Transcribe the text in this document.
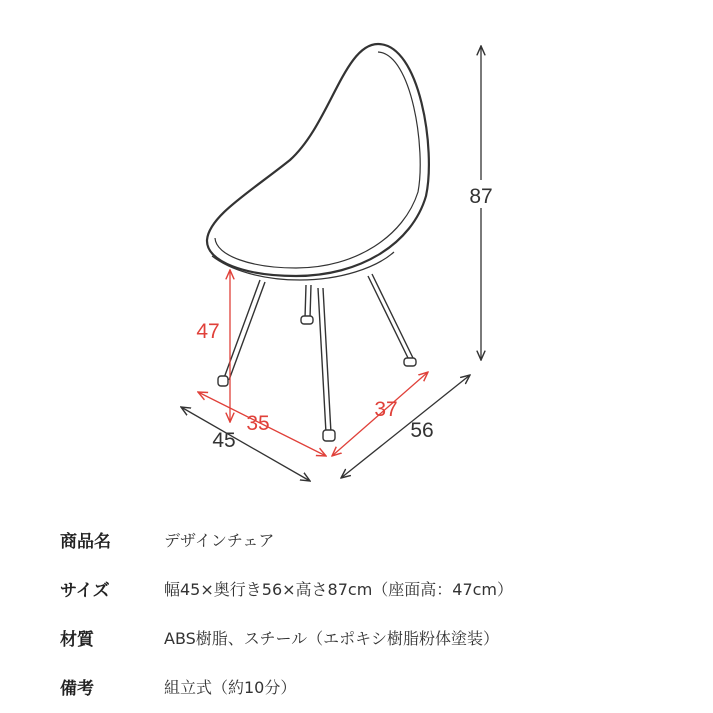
87
47
35
37
45	56
商品名	デザインチェア
サイズ	幅45×奥行き56×高さ87cm（座面高：47cm）
材質	ABS樹脂、スチール（エポキシ樹脂粉体塗装）
備考	組立式（約10分）
